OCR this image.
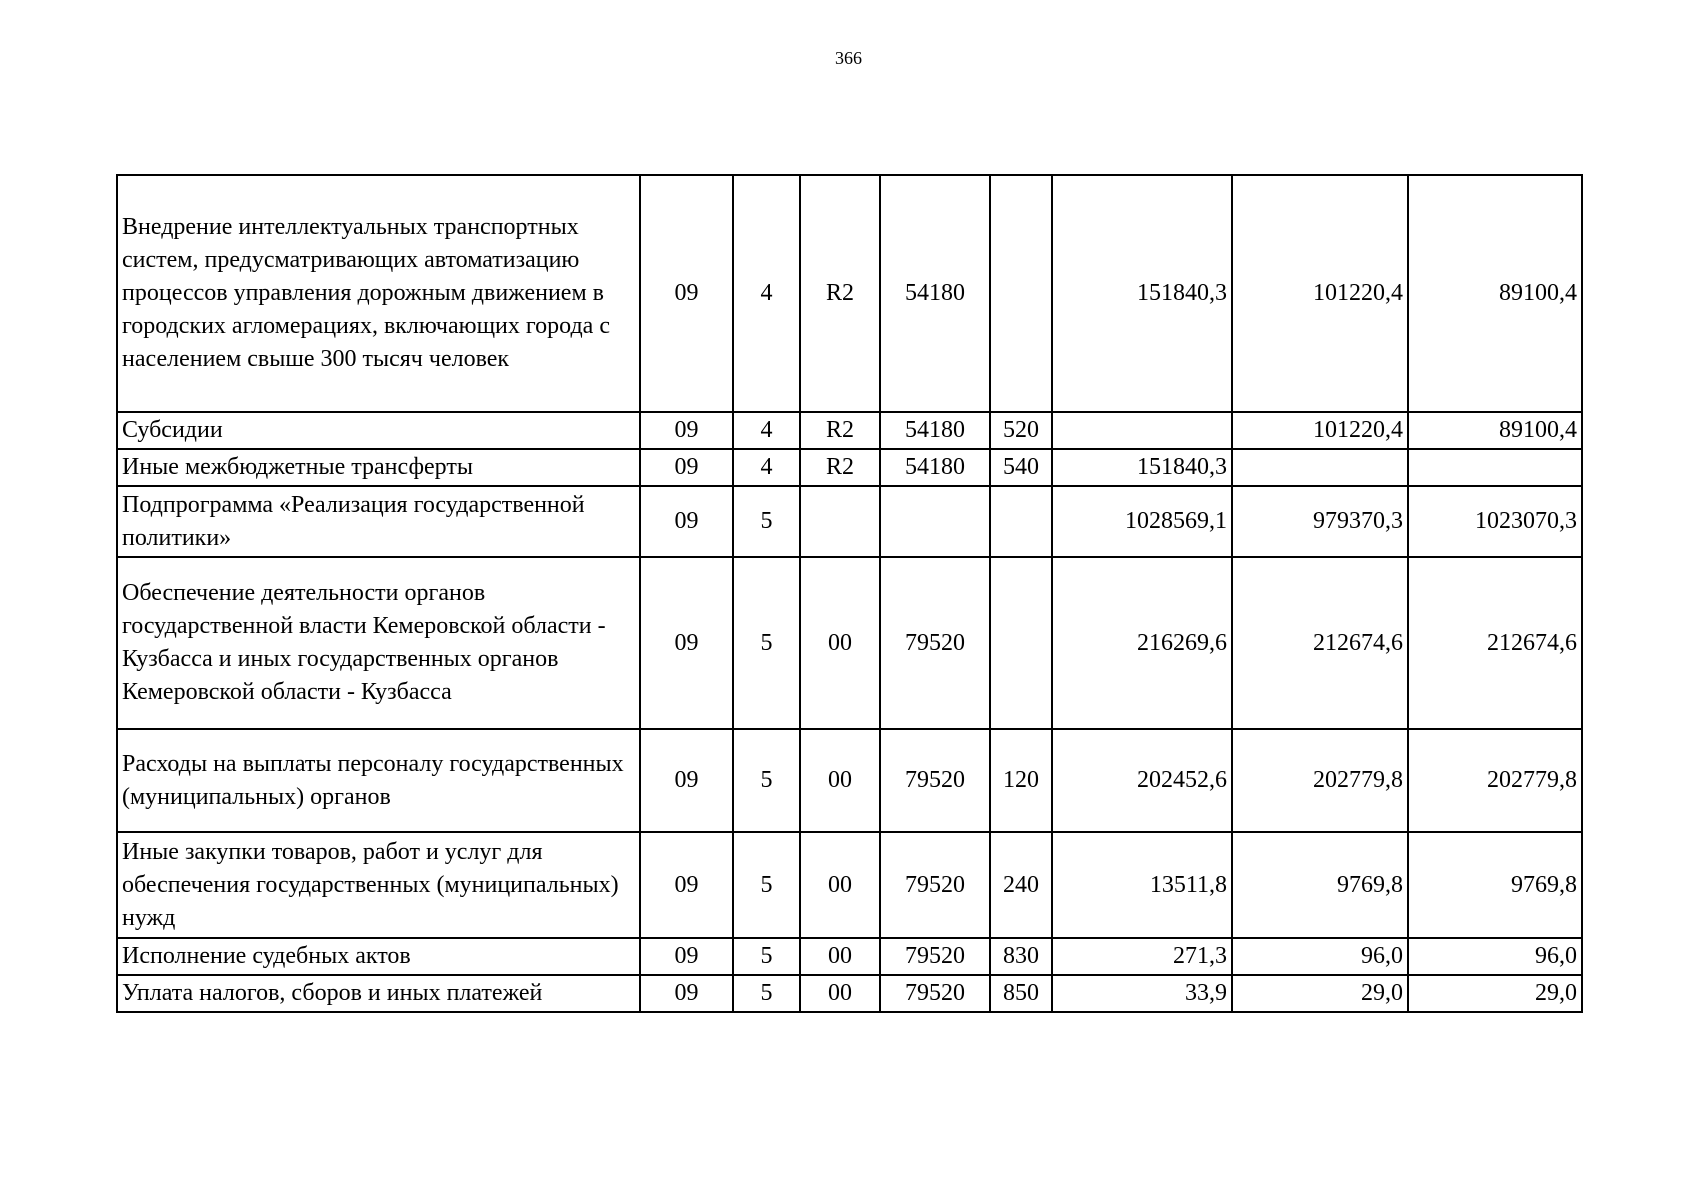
366
Внедрение интеллектуальных транспортных систем, предусматривающих автоматизацию процессов управления дорожным движением в городских агломерациях, включающих города с населением свыше 300 тысяч человек	09	4	R2	54180		151840,3	101220,4	89100,4
Субсидии	09	4	R2	54180	520		101220,4	89100,4
Иные межбюджетные трансферты	09	4	R2	54180	540	151840,3		
Подпрограмма «Реализация государственной политики»	09	5				1028569,1	979370,3	1023070,3
Обеспечение деятельности органов государственной власти Кемеровской области - Кузбасса и иных государственных органов Кемеровской области - Кузбасса	09	5	00	79520		216269,6	212674,6	212674,6
Расходы на выплаты персоналу государственных (муниципальных) органов	09	5	00	79520	120	202452,6	202779,8	202779,8
Иные закупки товаров, работ и услуг для обеспечения государственных (муниципальных) нужд	09	5	00	79520	240	13511,8	9769,8	9769,8
Исполнение судебных актов	09	5	00	79520	830	271,3	96,0	96,0
Уплата налогов, сборов и иных платежей	09	5	00	79520	850	33,9	29,0	29,0
